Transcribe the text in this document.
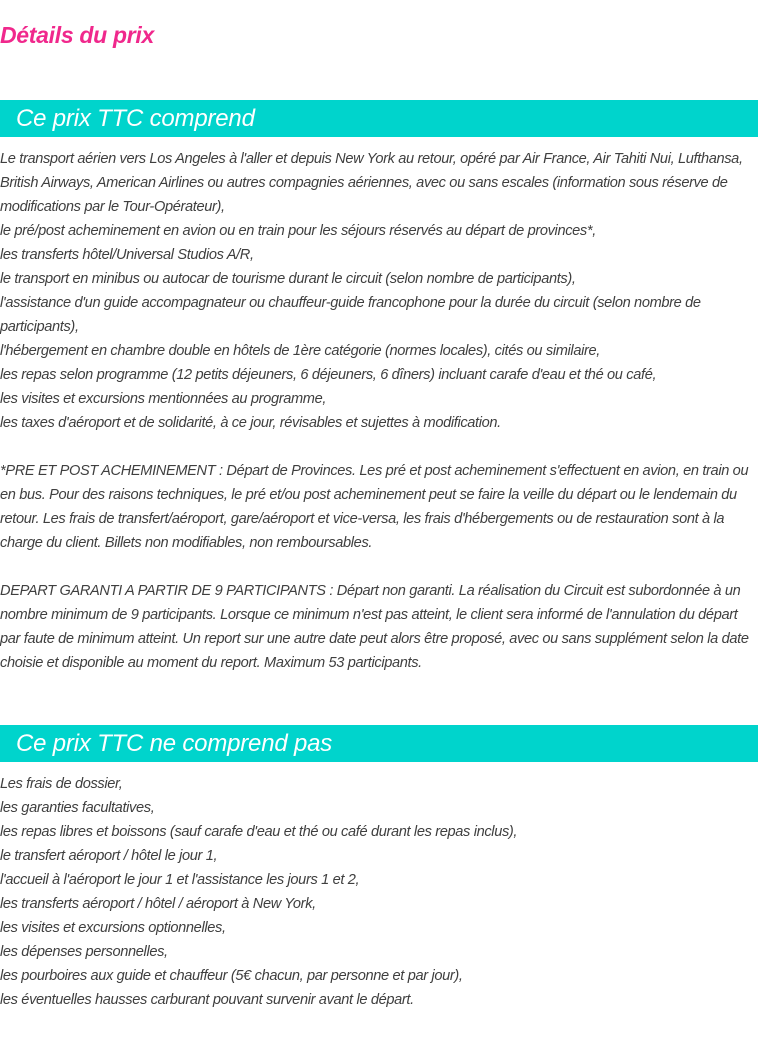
Détails du prix
Ce prix TTC comprend

Le transport aérien vers Los Angeles à l'aller et depuis New York au retour, opéré par Air France, Air Tahiti Nui, Lufthansa, British Airways, American Airlines ou autres compagnies aériennes, avec ou sans escales (information sous réserve de modifications par le Tour-Opérateur),
le pré/post acheminement en avion ou en train pour les séjours réservés au départ de provinces*,
les transferts hôtel/Universal Studios A/R,
le transport en minibus ou autocar de tourisme durant le circuit (selon nombre de participants),
l'assistance d'un guide accompagnateur ou chauffeur-guide francophone pour la durée du circuit (selon nombre de participants),
l'hébergement en chambre double en hôtels de 1ère catégorie (normes locales), cités ou similaire,
les repas selon programme (12 petits déjeuners, 6 déjeuners, 6 dîners) incluant carafe d'eau et thé ou café,
les visites et excursions mentionnées au programme,
les taxes d'aéroport et de solidarité, à ce jour, révisables et sujettes à modification.

*PRE ET POST ACHEMINEMENT : Départ de Provinces. Les pré et post acheminement s'effectuent en avion, en train ou en bus. Pour des raisons techniques, le pré et/ou post acheminement peut se faire la veille du départ ou le lendemain du retour. Les frais de transfert/aéroport, gare/aéroport et vice-versa, les frais d'hébergements ou de restauration sont à la charge du client. Billets non modifiables, non remboursables.

DEPART GARANTI A PARTIR DE 9 PARTICIPANTS : Départ non garanti. La réalisation du Circuit est subordonnée à un nombre minimum de 9 participants. Lorsque ce minimum n'est pas atteint, le client sera informé de l'annulation du départ par faute de minimum atteint. Un report sur une autre date peut alors être proposé, avec ou sans supplément selon la date choisie et disponible au moment du report. Maximum 53 participants.

Ce prix TTC ne comprend pas

Les frais de dossier,
les garanties facultatives,
les repas libres et boissons (sauf carafe d'eau et thé ou café durant les repas inclus),
le transfert aéroport / hôtel le jour 1,
l'accueil à l'aéroport le jour 1 et l'assistance les jours 1 et 2,
les transferts aéroport / hôtel / aéroport à New York,
les visites et excursions optionnelles,
les dépenses personnelles,
les pourboires aux guide et chauffeur (5€ chacun, par personne et par jour),
les éventuelles hausses carburant pouvant survenir avant le départ.
